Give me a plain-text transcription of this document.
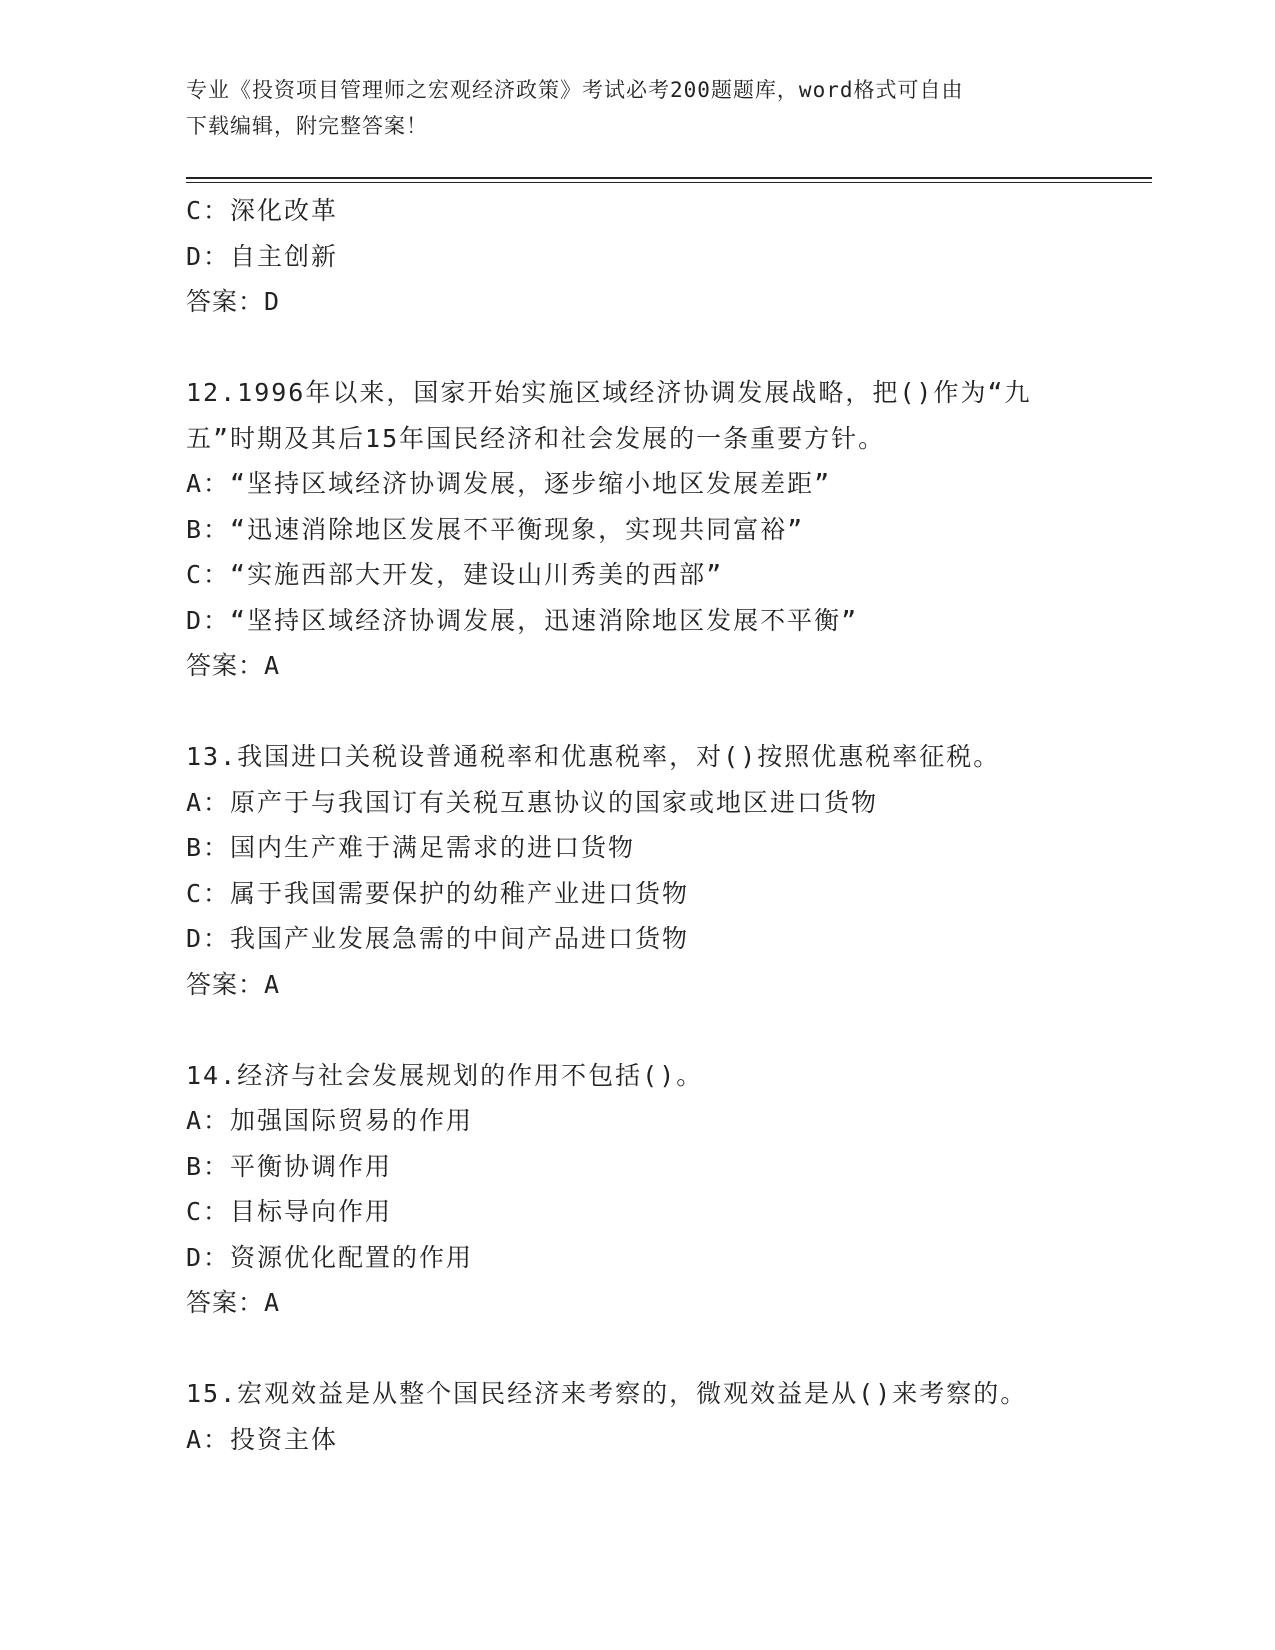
专业《投资项目管理师之宏观经济政策》考试必考200题题库，word格式可自由
下载编辑，附完整答案！
C：深化改革
D：自主创新
答案：D
12.1996年以来，国家开始实施区域经济协调发展战略，把()作为“九
五”时期及其后15年国民经济和社会发展的一条重要方针。
A：“坚持区域经济协调发展，逐步缩小地区发展差距”
B：“迅速消除地区发展不平衡现象，实现共同富裕”
C：“实施西部大开发，建设山川秀美的西部”
D：“坚持区域经济协调发展，迅速消除地区发展不平衡”
答案：A
13.我国进口关税设普通税率和优惠税率，对()按照优惠税率征税。
A：原产于与我国订有关税互惠协议的国家或地区进口货物
B：国内生产难于满足需求的进口货物
C：属于我国需要保护的幼稚产业进口货物
D：我国产业发展急需的中间产品进口货物
答案：A
14.经济与社会发展规划的作用不包括()。
A：加强国际贸易的作用
B：平衡协调作用
C：目标导向作用
D：资源优化配置的作用
答案：A
15.宏观效益是从整个国民经济来考察的，微观效益是从()来考察的。
A：投资主体
